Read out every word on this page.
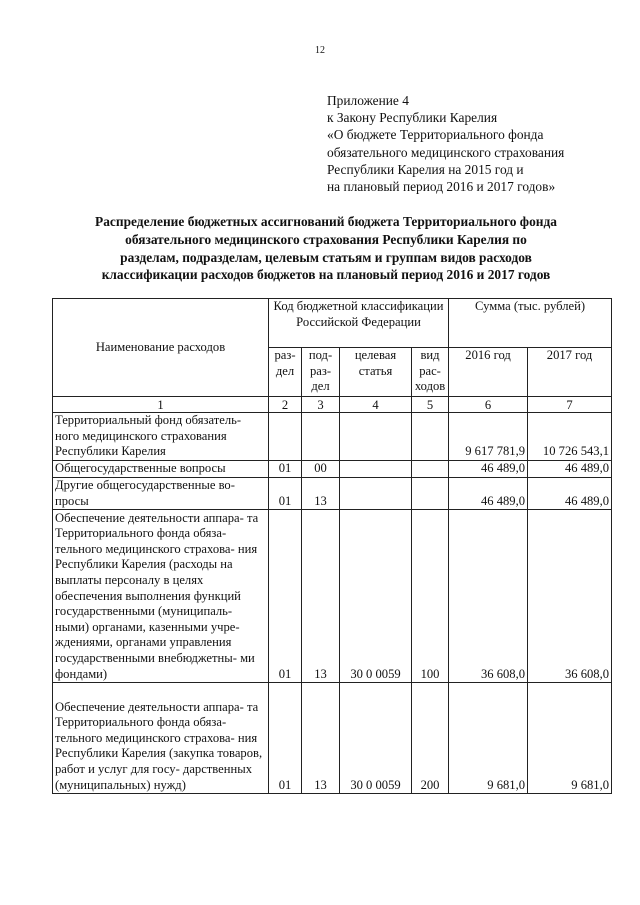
12
Приложение 4
к Закону Республики Карелия
«О бюджете Территориального фонда
обязательного медицинского страхования
Республики Карелия на 2015 год и
на плановый период 2016 и 2017 годов»
Распределение бюджетных ассигнований бюджета Территориального фонда
обязательного медицинского страхования Республики Карелия по
разделам, подразделам, целевым статьям и группам видов расходов
классификации расходов бюджетов на плановый период 2016 и 2017 годов
Наименование расходов	Код бюджетной классификации Российской Федерации				Сумма (тыс. рублей)	
	раз- дел	под- раз- дел	целевая статья	вид рас- ходов	2016 год	2017 год
1	2	3	4	5	6	7
Территориальный фонд обязатель- ного медицинского страхования Республики Карелия					9 617 781,9	10 726 543,1
Общегосударственные вопросы	01	00			46 489,0	46 489,0
Другие общегосударственные во- просы	01	13			46 489,0	46 489,0
Обеспечение деятельности аппара- та Территориального фонда обяза- тельного медицинского страхова- ния Республики Карелия (расходы на выплаты персоналу в целях обеспечения выполнения функций государственными (муниципаль- ными) органами, казенными учре- ждениями, органами управления государственными внебюджетны- ми фондами)	01	13	30 0 0059	100	36 608,0	36 608,0
Обеспечение деятельности аппара- та Территориального фонда обяза- тельного медицинского страхова- ния Республики Карелия (закупка товаров, работ и услуг для госу- дарственных (муниципальных) нужд)	01	13	30 0 0059	200	9 681,0	9 681,0
